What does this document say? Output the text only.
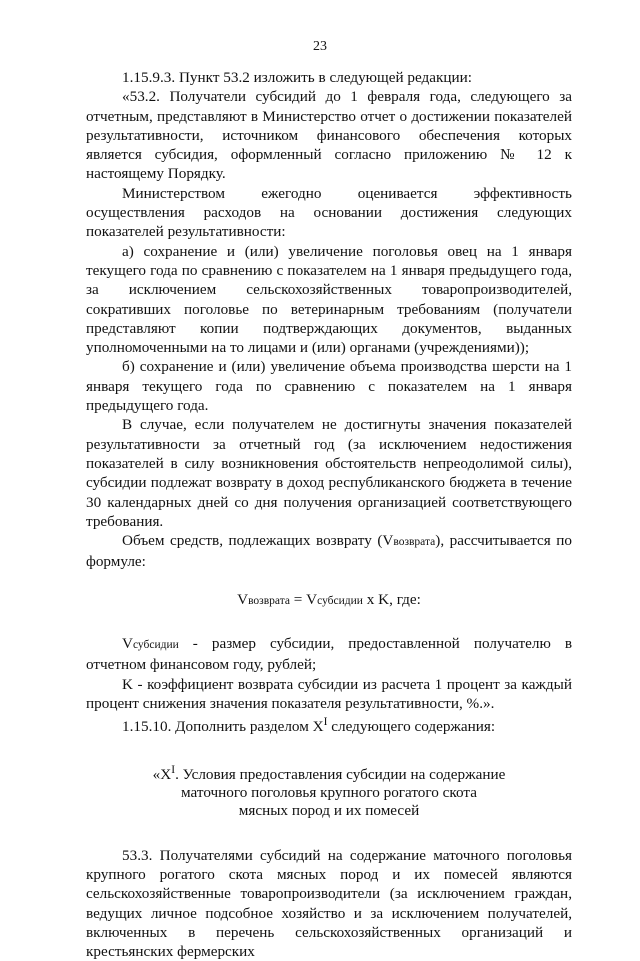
23

1.15.9.3. Пункт 53.2 изложить в следующей редакции:

«53.2. Получатели субсидий до 1 февраля года, следующего за отчетным, представляют в Министерство отчет о достижении показателей результативности, источником финансового обеспечения которых является субсидия, оформленный согласно приложению № 12 к настоящему Порядку.

Министерством ежегодно оценивается эффективность осуществления расходов на основании достижения следующих показателей результативности:

а) сохранение и (или) увеличение поголовья овец на 1 января текущего года по сравнению с показателем на 1 января предыдущего года, за исключением сельскохозяйственных товаропроизводителей, сокративших поголовье по ветеринарным требованиям (получатели представляют копии подтверждающих документов, выданных уполномоченными на то лицами и (или) органами (учреждениями));

б) сохранение и (или) увеличение объема производства шерсти на 1 января текущего года по сравнению с показателем на 1 января предыдущего года.

В случае, если получателем не достигнуты значения показателей результативности за отчетный год (за исключением недостижения показателей в силу возникновения обстоятельств непреодолимой силы), субсидии подлежат возврату в доход республиканского бюджета в течение 30 календарных дней со дня получения организацией соответствующего требования.

Объем средств, подлежащих возврату (Vвозврата), рассчитывается по формуле:

Vвозврата = Vсубсидии x K, где:

Vсубсидии - размер субсидии, предоставленной получателю в отчетном финансовом году, рублей;

K - коэффициент возврата субсидии из расчета 1 процент за каждый процент снижения значения показателя результативности, %.».

1.15.10. Дополнить разделом $X^I$ следующего содержания:

«$X^I$. Условия предоставления субсидии на содержание
маточного поголовья крупного рогатого скота
мясных пород и их помесей

53.3. Получателями субсидий на содержание маточного поголовья крупного рогатого скота мясных пород и их помесей являются сельскохозяйственные товаропроизводители (за исключением граждан, ведущих личное подсобное хозяйство и за исключением получателей, включенных в перечень сельскохозяйственных организаций и крестьянских фермерских
